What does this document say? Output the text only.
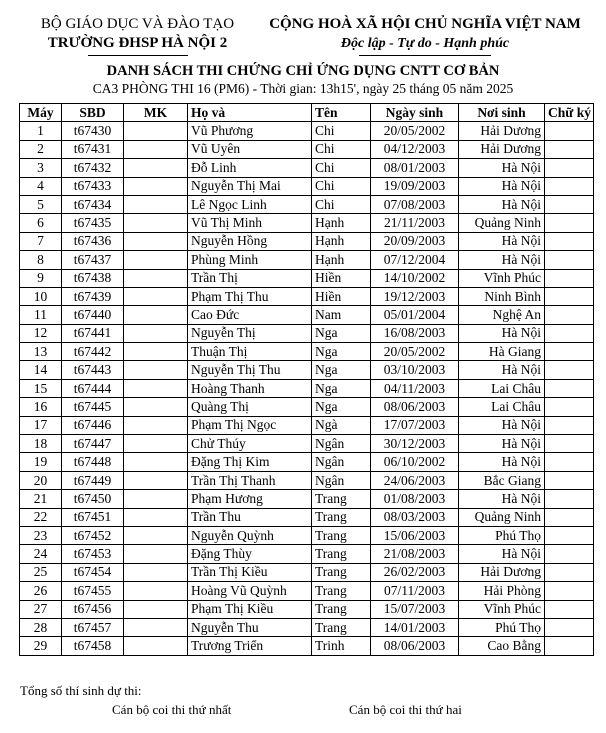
BỘ GIÁO DỤC VÀ ĐÀO TẠO
TRƯỜNG ĐHSP HÀ NỘI 2
CỘNG HOÀ XÃ HỘI CHỦ NGHĨA VIỆT NAM
Độc lập - Tự do - Hạnh phúc
DANH SÁCH THI CHỨNG CHỈ ỨNG DỤNG CNTT CƠ BẢN
CA3 PHÒNG THI 16 (PM6) - Thời gian: 13h15', ngày 25 tháng 05 năm 2025
Máy	SBD	MK	Họ và	Tên	Ngày sinh	Nơi sinh	Chữ ký
1	t67430		Vũ Phương	Chi	20/05/2002	Hải Dương	
2	t67431		Vũ Uyên	Chi	04/12/2003	Hải Dương	
3	t67432		Đỗ Linh	Chi	08/01/2003	Hà Nội	
4	t67433		Nguyễn Thị Mai	Chi	19/09/2003	Hà Nội	
5	t67434		Lê Ngọc Linh	Chi	07/08/2003	Hà Nội	
6	t67435		Vũ Thị Minh	Hạnh	21/11/2003	Quảng Ninh	
7	t67436		Nguyễn Hồng	Hạnh	20/09/2003	Hà Nội	
8	t67437		Phùng Minh	Hạnh	07/12/2004	Hà Nội	
9	t67438		Trần Thị	Hiền	14/10/2002	Vĩnh Phúc	
10	t67439		Phạm Thị Thu	Hiền	19/12/2003	Ninh Bình	
11	t67440		Cao Đức	Nam	05/01/2004	Nghệ An	
12	t67441		Nguyễn Thị	Nga	16/08/2003	Hà Nội	
13	t67442		Thuận Thị	Nga	20/05/2002	Hà Giang	
14	t67443		Nguyễn Thị Thu	Nga	03/10/2003	Hà Nội	
15	t67444		Hoàng Thanh	Nga	04/11/2003	Lai Châu	
16	t67445		Quàng Thị	Nga	08/06/2003	Lai Châu	
17	t67446		Phạm Thị Ngọc	Ngà	17/07/2003	Hà Nội	
18	t67447		Chử Thúy	Ngân	30/12/2003	Hà Nội	
19	t67448		Đặng Thị Kim	Ngân	06/10/2002	Hà Nội	
20	t67449		Trần Thị Thanh	Ngân	24/06/2003	Bắc Giang	
21	t67450		Phạm Hương	Trang	01/08/2003	Hà Nội	
22	t67451		Trần Thu	Trang	08/03/2003	Quảng Ninh	
23	t67452		Nguyễn Quỳnh	Trang	15/06/2003	Phú Thọ	
24	t67453		Đặng Thùy	Trang	21/08/2003	Hà Nội	
25	t67454		Trần Thị Kiều	Trang	26/02/2003	Hải Dương	
26	t67455		Hoàng Vũ Quỳnh	Trang	07/11/2003	Hải Phòng	
27	t67456		Phạm Thị Kiều	Trang	15/07/2003	Vĩnh Phúc	
28	t67457		Nguyễn Thu	Trang	14/01/2003	Phú Thọ	
29	t67458		Trương Triển	Trinh	08/06/2003	Cao Bằng	
Tổng số thí sinh dự thi:
Cán bộ coi thi thứ nhất	Cán bộ coi thi thứ hai
